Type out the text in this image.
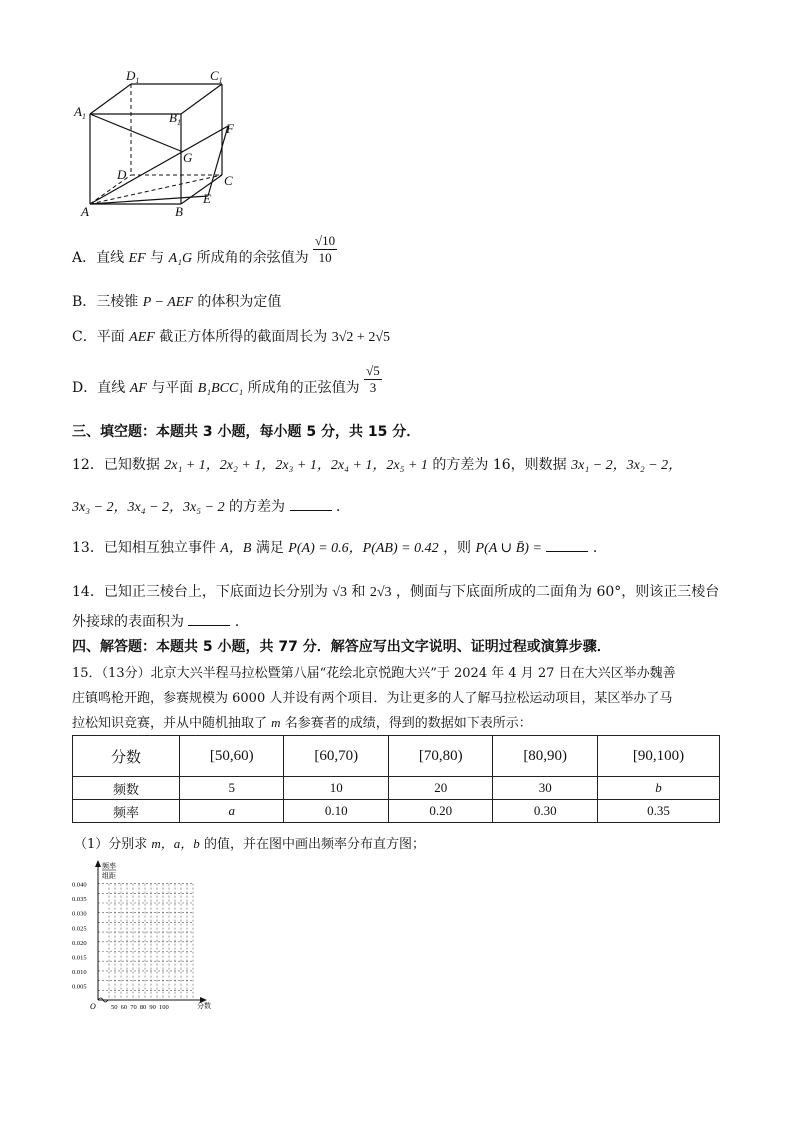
$D_1$	$C_1$
$A_1$	$B_1$	F
G
D	C
A	B
E
A．直线 EF 与 A₁G 所成角的余弦值为 $\frac{√10}{10}$
B．三棱锥 P − AEF 的体积为定值
C．平面 AEF 截正方体所得的截面周长为 3√2 + 2√5
D．直线 AF 与平面 B₁BCC₁ 所成角的正弦值为 $\frac{√5}{3}$
三、填空题：本题共 3 小题，每小题 5 分，共 15 分．
12．已知数据 2x₁ + 1，2x₂ + 1，2x₃ + 1，2x₄ + 1，2x₅ + 1 的方差为 16，则数据 3x₁ − 2，3x₂ − 2，
3x₃ − 2，3x₄ − 2，3x₅ − 2 的方差为	．
13．已知相互独立事件 A，B 满足 P(A) = 0.6，P(AB) = 0.42 ，则 P(A ∪ B̄) =	．
14．已知正三棱台上，下底面边长分别为 √3 和 2√3 ，侧面与下底面所成的二面角为 60°，则该正三棱台
外接球的表面积为	．
四、解答题：本题共 5 小题，共 77 分．解答应写出文字说明、证明过程或演算步骤．
15．（13分）北京大兴半程马拉松暨第八届“花绘北京悦跑大兴”于 2024 年 4 月 27 日在大兴区举办魏善
庄镇鸣枪开跑，参赛规模为 6000 人并设有两个项目．为让更多的人了解马拉松运动项目，某区举办了马
拉松知识竞赛，并从中随机抽取了 m 名参赛者的成绩，得到的数据如下表所示：
分数	[50,60)	[60,70)	[70,80)	[80,90)	[90,100)
频数	5	10	20	30	b
频率	a	0.10	0.20	0.30	0.35
（1）分别求 m，a，b 的值，并在图中画出频率分布直方图；
频率
组距
分数
O
0.040
0.035
0.030
0.025
0.020
0.015
0.010
0.005
50 60 70 80 90 100
